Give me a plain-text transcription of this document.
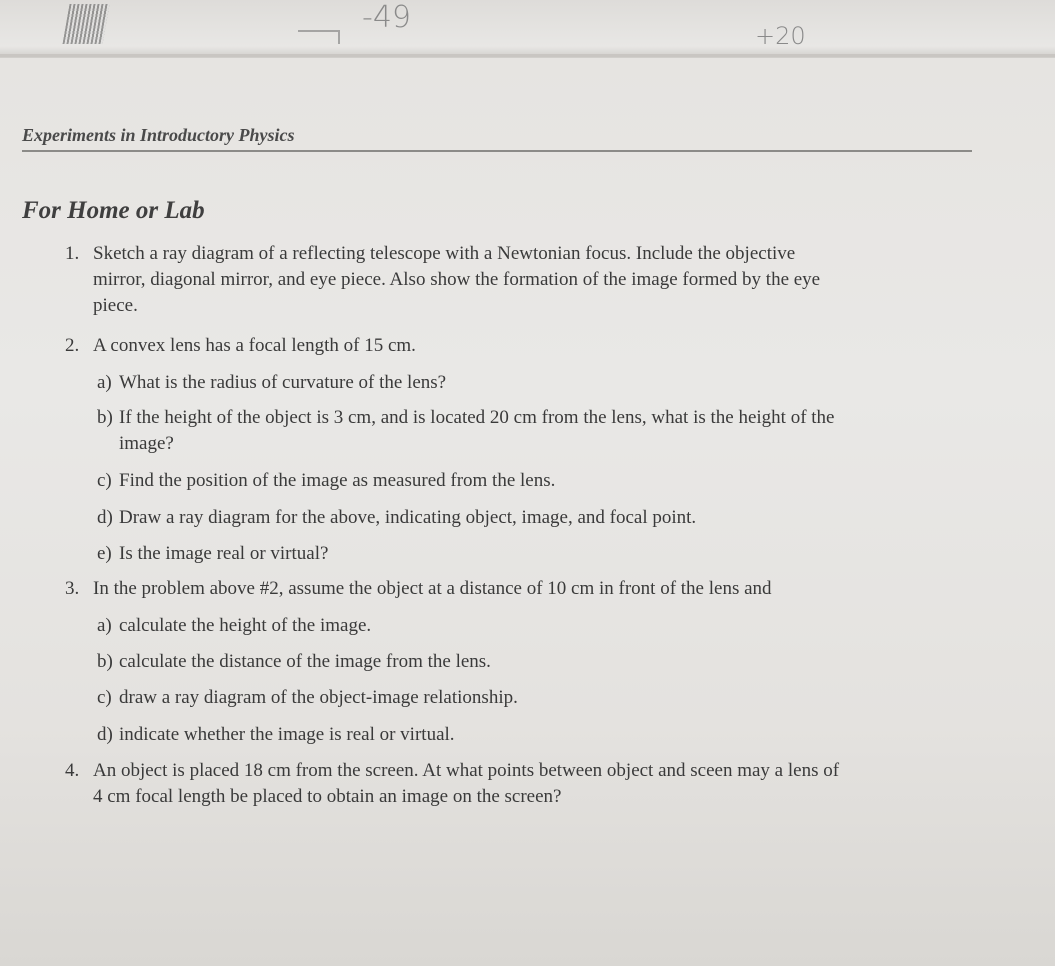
-49
+20
Experiments in Introductory Physics
For Home or Lab
1. Sketch a ray diagram of a reflecting telescope with a Newtonian focus. Include the objective
mirror, diagonal mirror, and eye piece. Also show the formation of the image formed by the eye
piece.
2. A convex lens has a focal length of 15 cm.
a) What is the radius of curvature of the lens?
b) If the height of the object is 3 cm, and is located 20 cm from the lens, what is the height of the
image?
c) Find the position of the image as measured from the lens.
d) Draw a ray diagram for the above, indicating object, image, and focal point.
e) Is the image real or virtual?
3. In the problem above #2, assume the object at a distance of 10 cm in front of the lens and
a) calculate the height of the image.
b) calculate the distance of the image from the lens.
c) draw a ray diagram of the object-image relationship.
d) indicate whether the image is real or virtual.
4. An object is placed 18 cm from the screen. At what points between object and sceen may a lens of
4 cm focal length be placed to obtain an image on the screen?
